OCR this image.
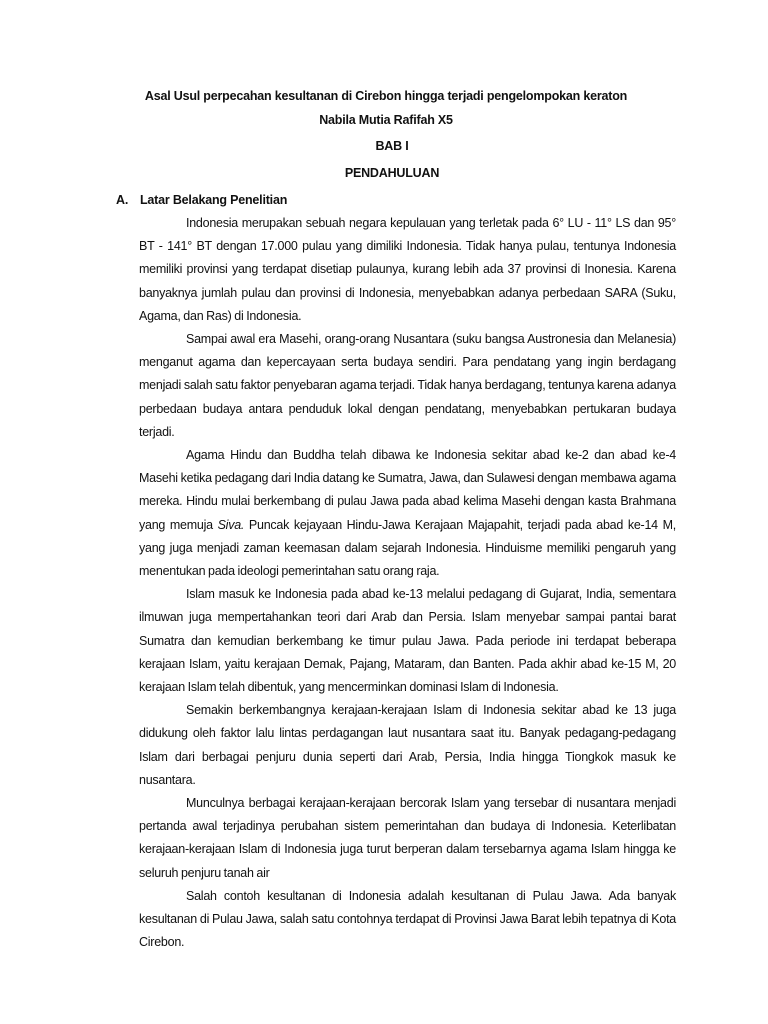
Asal Usul perpecahan kesultanan di Cirebon hingga terjadi pengelompokan keraton
Nabila Mutia Rafifah X5
BAB I
PENDAHULUAN
A. Latar Belakang Penelitian

Indonesia merupakan sebuah negara kepulauan yang terletak pada 6° LU - 11° LS dan 95° BT - 141° BT dengan 17.000 pulau yang dimiliki Indonesia. Tidak hanya pulau, tentunya Indonesia memiliki provinsi yang terdapat disetiap pulaunya, kurang lebih ada 37 provinsi di Inonesia. Karena banyaknya jumlah pulau dan provinsi di Indonesia, menyebabkan adanya perbedaan SARA (Suku, Agama, dan Ras) di Indonesia.

Sampai awal era Masehi, orang-orang Nusantara (suku bangsa Austronesia dan Melanesia) menganut agama dan kepercayaan serta budaya sendiri. Para pendatang yang ingin berdagang menjadi salah satu faktor penyebaran agama terjadi. Tidak hanya berdagang, tentunya karena adanya perbedaan budaya antara penduduk lokal dengan pendatang, menyebabkan pertukaran budaya terjadi.

Agama Hindu dan Buddha telah dibawa ke Indonesia sekitar abad ke-2 dan abad ke-4 Masehi ketika pedagang dari India datang ke Sumatra, Jawa, dan Sulawesi dengan membawa agama mereka. Hindu mulai berkembang di pulau Jawa pada abad kelima Masehi dengan kasta Brahmana yang memuja Siva. Puncak kejayaan Hindu-Jawa Kerajaan Majapahit, terjadi pada abad ke-14 M, yang juga menjadi zaman keemasan dalam sejarah Indonesia. Hinduisme memiliki pengaruh yang menentukan pada ideologi pemerintahan satu orang raja.

Islam masuk ke Indonesia pada abad ke-13 melalui pedagang di Gujarat, India, sementara ilmuwan juga mempertahankan teori dari Arab dan Persia. Islam menyebar sampai pantai barat Sumatra dan kemudian berkembang ke timur pulau Jawa. Pada periode ini terdapat beberapa kerajaan Islam, yaitu kerajaan Demak, Pajang, Mataram, dan Banten. Pada akhir abad ke-15 M, 20 kerajaan Islam telah dibentuk, yang mencerminkan dominasi Islam di Indonesia.

Semakin berkembangnya kerajaan-kerajaan Islam di Indonesia sekitar abad ke 13 juga didukung oleh faktor lalu lintas perdagangan laut nusantara saat itu. Banyak pedagang-pedagang Islam dari berbagai penjuru dunia seperti dari Arab, Persia, India hingga Tiongkok masuk ke nusantara.

Munculnya berbagai kerajaan-kerajaan bercorak Islam yang tersebar di nusantara menjadi pertanda awal terjadinya perubahan sistem pemerintahan dan budaya di Indonesia. Keterlibatan kerajaan-kerajaan Islam di Indonesia juga turut berperan dalam tersebarnya agama Islam hingga ke seluruh penjuru tanah air

Salah contoh kesultanan di Indonesia adalah kesultanan di Pulau Jawa. Ada banyak kesultanan di Pulau Jawa, salah satu contohnya terdapat di Provinsi Jawa Barat lebih tepatnya di Kota Cirebon.
